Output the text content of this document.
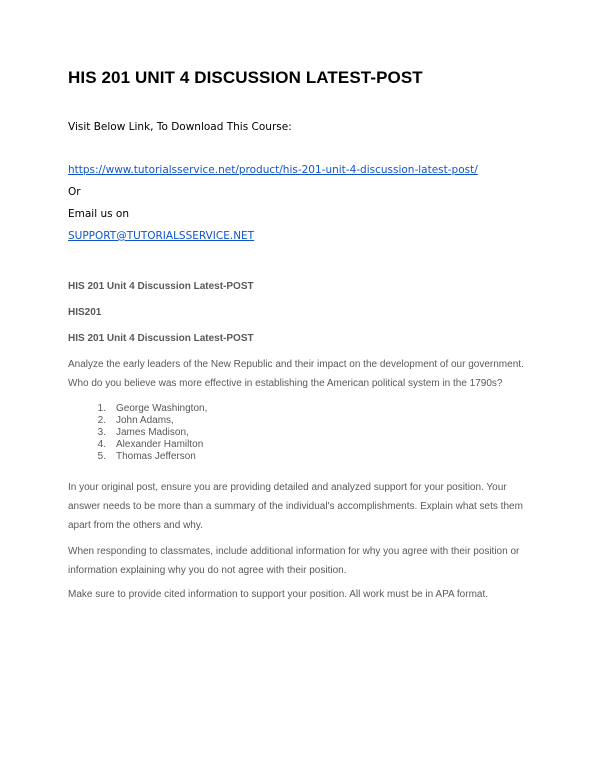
HIS 201 UNIT 4 DISCUSSION LATEST-POST
Visit Below Link, To Download This Course:
https://www.tutorialsservice.net/product/his-201-unit-4-discussion-latest-post/
Or
Email us on
SUPPORT@TUTORIALSSERVICE.NET
HIS 201 Unit 4 Discussion Latest-POST
HIS201
HIS 201 Unit 4 Discussion Latest-POST

Analyze the early leaders of the New Republic and their impact on the development of our government. Who do you believe was more effective in establishing the American political system in the 1790s?

1.	George Washington,
2.	John Adams,
3.	James Madison,
4.	Alexander Hamilton
5.	Thomas Jefferson

In your original post, ensure you are providing detailed and analyzed support for your position. Your answer needs to be more than a summary of the individual's accomplishments. Explain what sets them apart from the others and why.

When responding to classmates, include additional information for why you agree with their position or information explaining why you do not agree with their position.

Make sure to provide cited information to support your position. All work must be in APA format.
